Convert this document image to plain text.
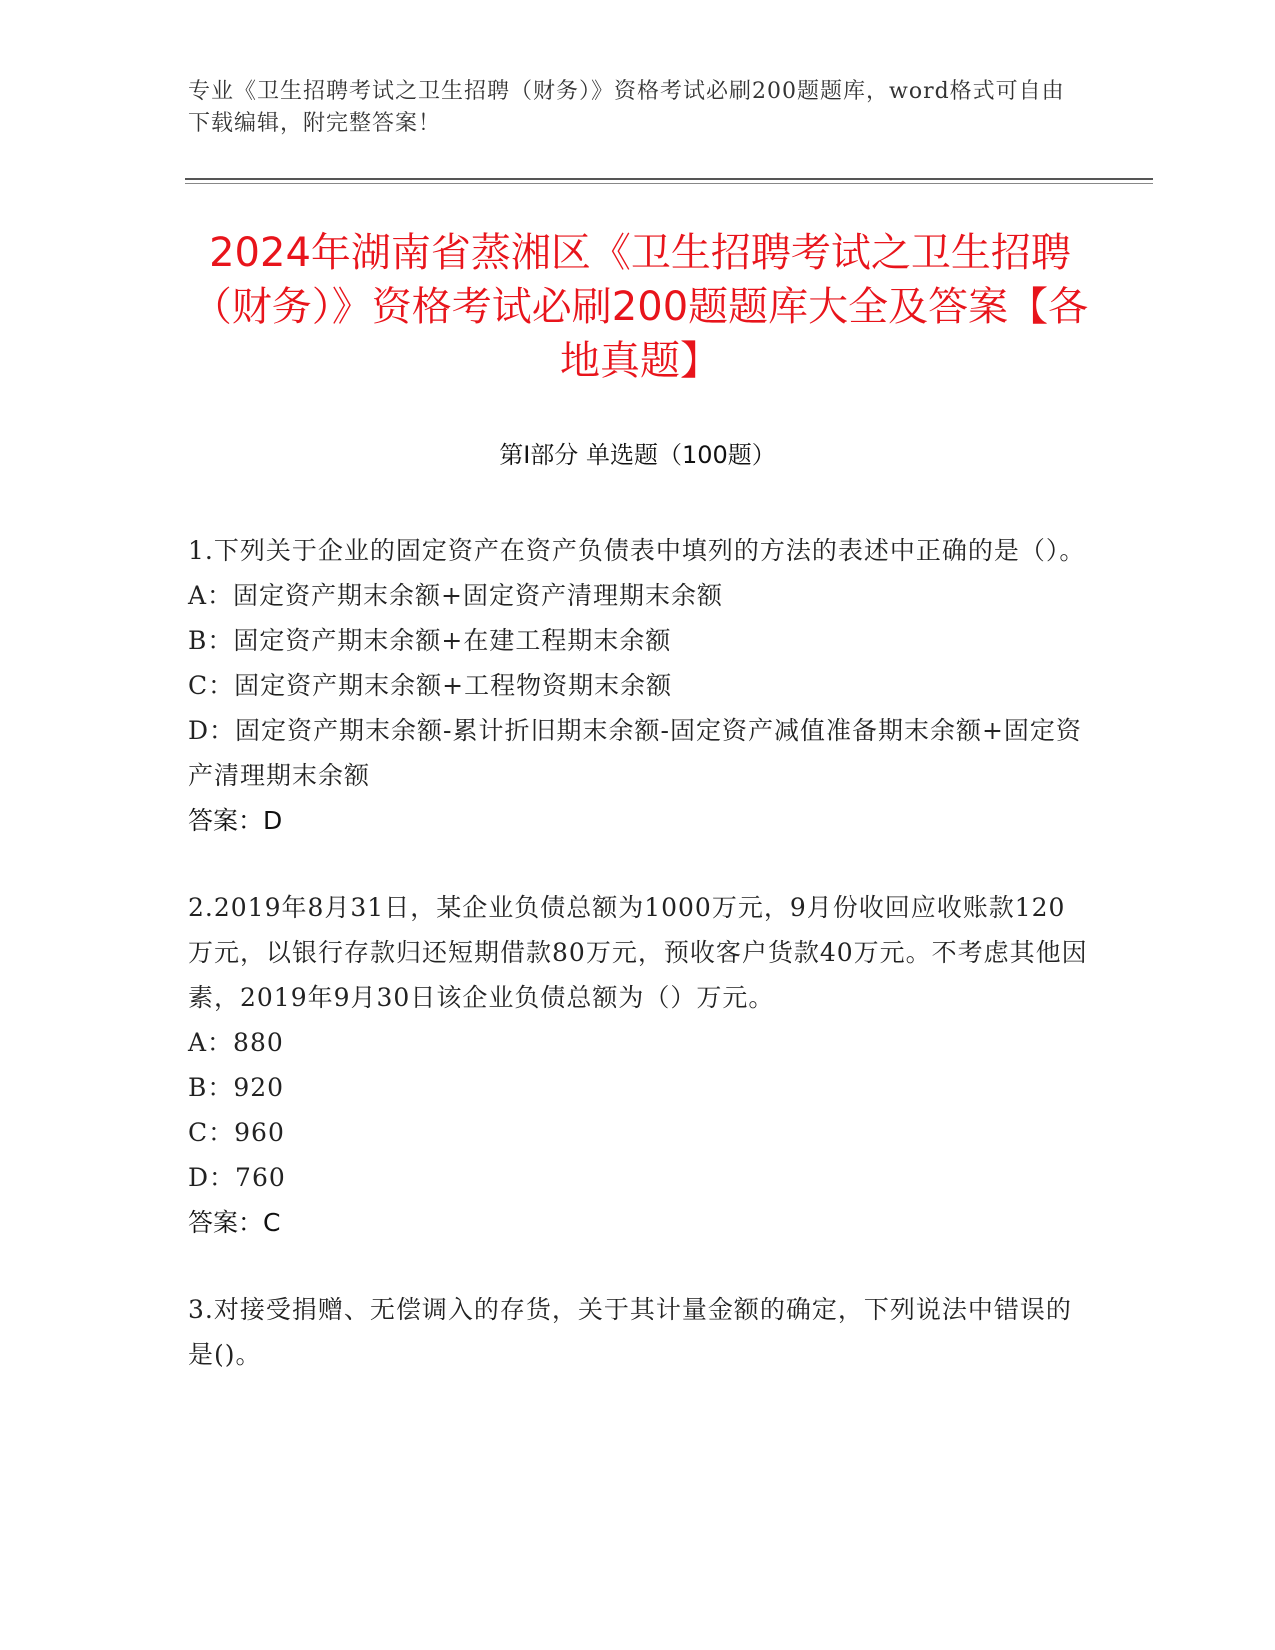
专业《卫生招聘考试之卫生招聘（财务）》资格考试必刷200题题库，word格式可自由下载编辑，附完整答案！
2024年湖南省蒸湘区《卫生招聘考试之卫生招聘（财务）》资格考试必刷200题题库大全及答案【各地真题】
第Ⅰ部分 单选题（100题）

1.下列关于企业的固定资产在资产负债表中填列的方法的表述中正确的是（）。

A：固定资产期末余额+固定资产清理期末余额

B：固定资产期末余额+在建工程期末余额

C：固定资产期末余额+工程物资期末余额

D：固定资产期末余额-累计折旧期末余额-固定资产减值准备期末余额+固定资产清理期末余额

答案：D

2.2019年8月31日，某企业负债总额为1000万元，9月份收回应收账款120万元，以银行存款归还短期借款80万元，预收客户货款40万元。不考虑其他因素，2019年9月30日该企业负债总额为（）万元。

A：880

B：920

C：960

D：760

答案：C

3.对接受捐赠、无偿调入的存货，关于其计量金额的确定，下列说法中错误的是()。
